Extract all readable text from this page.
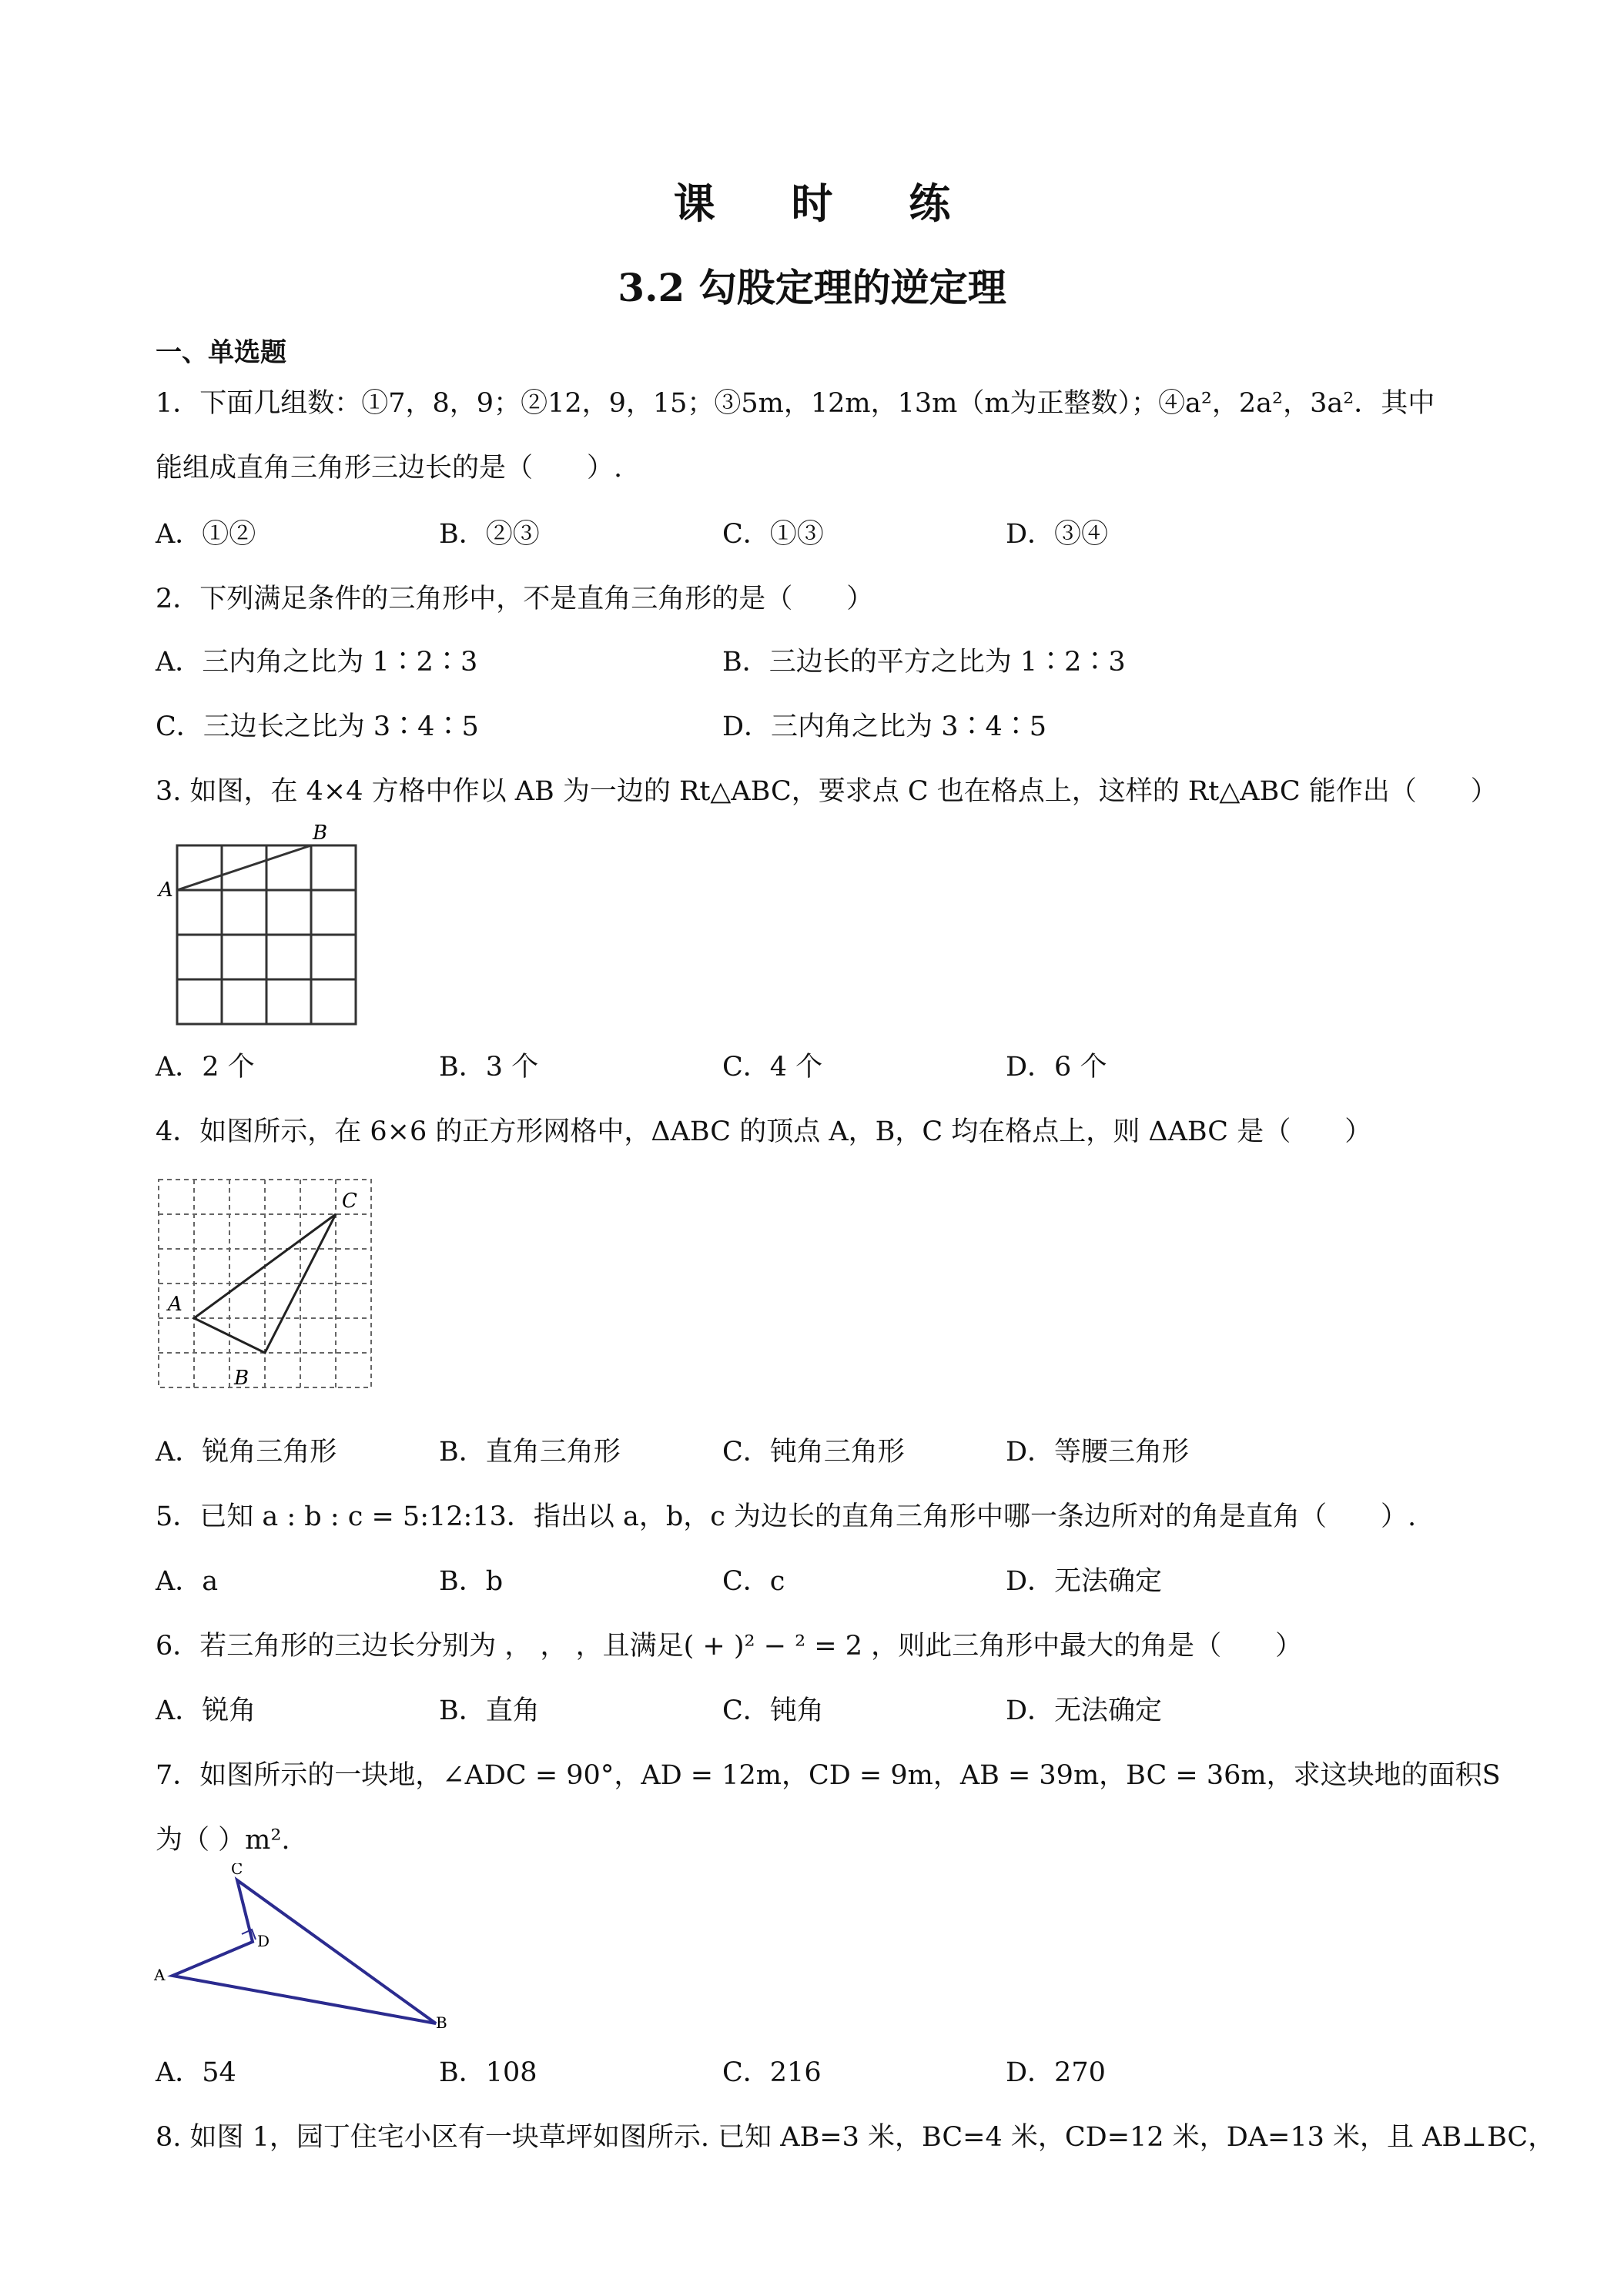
课 时 练
3.2 勾股定理的逆定理
一、单选题
1．下面几组数：①7，8，9；②12，9，15；③5m，12m，13m（m为正整数）；④a²，2a²，3a²．其中
能组成直角三角形三边长的是（　　）.
A．①②	B．②③	C．①③	D．③④
2．下列满足条件的三角形中，不是直角三角形的是（　　）
A．三内角之比为 1∶2∶3	B．三边长的平方之比为 1∶2∶3
C．三边长之比为 3∶4∶5	D．三内角之比为 3∶4∶5
3. 如图，在 4×4 方格中作以 AB 为一边的 Rt△ABC，要求点 C 也在格点上，这样的 Rt△ABC 能作出（　　）
A
B
A．2 个	B．3 个	C．4 个	D．6 个
4．如图所示，在 6×6 的正方形网格中，ΔABC 的顶点 A，B，C 均在格点上，则 ΔABC 是（　　）
A
B
C
A．锐角三角形	B．直角三角形	C．钝角三角形	D．等腰三角形
5．已知 a : b : c = 5:12:13．指出以 a，b，c 为边长的直角三角形中哪一条边所对的角是直角（　　）.
A．a	B．b	C．c	D．无法确定
6．若三角形的三边长分别为 ， ， ，且满足( + )² − ² = 2 ，则此三角形中最大的角是（　　）
A．锐角	B．直角	C．钝角	D．无法确定
7．如图所示的一块地，∠ADC = 90°，AD = 12m，CD = 9m，AB = 39m，BC = 36m，求这块地的面积S
为（ ）m².
C
D
A
B
A．54	B．108	C．216	D．270
8. 如图 1，园丁住宅小区有一块草坪如图所示. 已知 AB=3 米，BC=4 米，CD=12 米，DA=13 米，且 AB⊥BC，
